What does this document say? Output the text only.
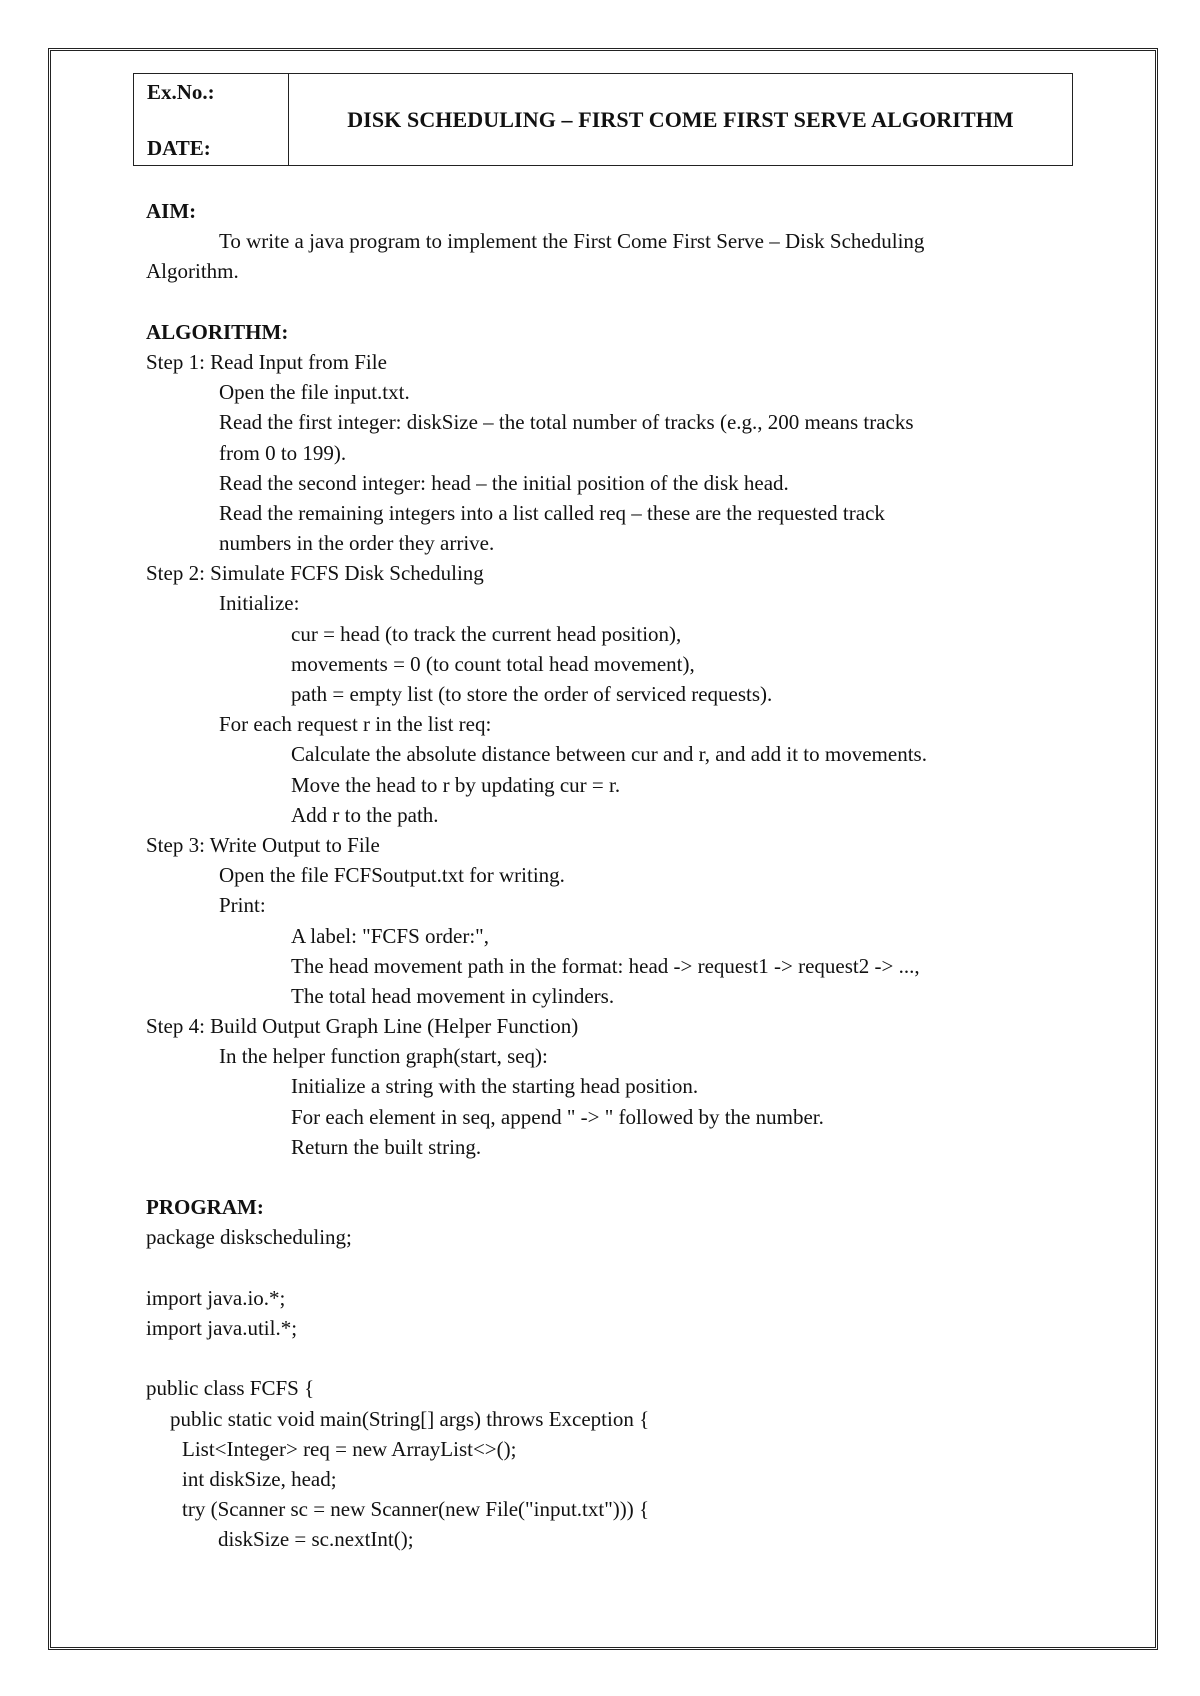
Ex.No.:
DATE:
DISK SCHEDULING – FIRST COME FIRST SERVE ALGORITHM
AIM:
To write a java program to implement the First Come First Serve – Disk Scheduling
Algorithm.
ALGORITHM:
Step 1: Read Input from File
Open the file input.txt.
Read the first integer: diskSize – the total number of tracks (e.g., 200 means tracks
from 0 to 199).
Read the second integer: head – the initial position of the disk head.
Read the remaining integers into a list called req – these are the requested track
numbers in the order they arrive.
Step 2: Simulate FCFS Disk Scheduling
Initialize:
cur = head (to track the current head position),
movements = 0 (to count total head movement),
path = empty list (to store the order of serviced requests).
For each request r in the list req:
Calculate the absolute distance between cur and r, and add it to movements.
Move the head to r by updating cur = r.
Add r to the path.
Step 3: Write Output to File
Open the file FCFSoutput.txt for writing.
Print:
A label: "FCFS order:",
The head movement path in the format: head -> request1 -> request2 -> ...,
The total head movement in cylinders.
Step 4: Build Output Graph Line (Helper Function)
In the helper function graph(start, seq):
Initialize a string with the starting head position.
For each element in seq, append " -> " followed by the number.
Return the built string.
PROGRAM:
package diskscheduling;
import java.io.*;
import java.util.*;
public class FCFS {
public static void main(String[] args) throws Exception {
List<Integer> req = new ArrayList<>();
int diskSize, head;
try (Scanner sc = new Scanner(new File("input.txt"))) {
diskSize = sc.nextInt();
